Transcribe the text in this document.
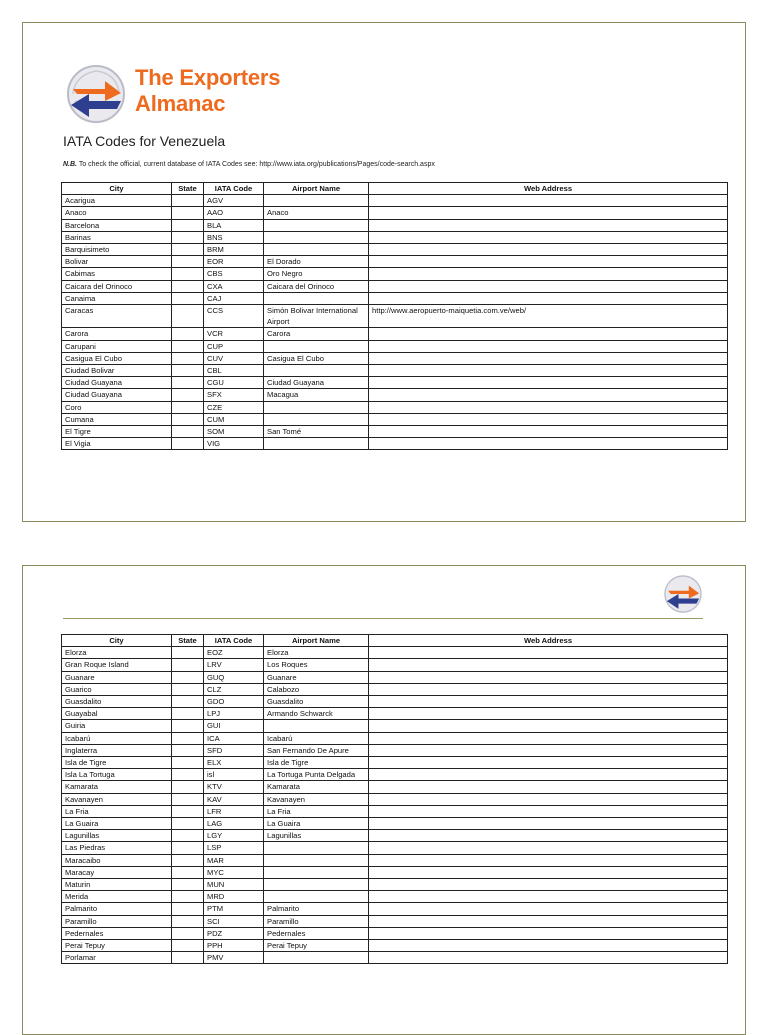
The Exporters
Almanac
IATA Codes for Venezuela
N.B. To check the official, current database of IATA Codes see: http://www.iata.org/publications/Pages/code-search.aspx
City	State	IATA Code	Airport Name	Web Address
Acarigua		AGV		
Anaco		AAO	Anaco	
Barcelona		BLA		
Barinas		BNS		
Barquisimeto		BRM		
Bolivar		EOR	El Dorado	
Cabimas		CBS	Oro Negro	
Caicara del Orinoco		CXA	Caicara del Orinoco	
Canaima		CAJ		
Caracas		CCS	Simón Bolivar International Airport	http://www.aeropuerto-maiquetia.com.ve/web/
Carora		VCR	Carora	
Carupani		CUP		
Casigua El Cubo		CUV	Casigua El Cubo	
Ciudad Bolivar		CBL		
Ciudad Guayana		CGU	Ciudad Guayana	
Ciudad Guayana		SFX	Macagua	
Coro		CZE		
Cumana		CUM		
El Tigre		SOM	San Tomé	
El Vigia		VIG		
City	State	IATA Code	Airport Name	Web Address
Elorza		EOZ	Elorza	
Gran Roque Island		LRV	Los Roques	
Guanare		GUQ	Guanare	
Guarico		CLZ	Calabozo	
Guasdalito		GDO	Guasdalito	
Guayabal		LPJ	Armando Schwarck	
Guiria		GUI		
Icabarú		ICA	Icabarú	
Inglaterra		SFD	San Fernando De Apure	
Isla de Tigre		ELX	Isla de Tigre	
Isla La Tortuga		isl	La Tortuga Punta Delgada	
Kamarata		KTV	Kamarata	
Kavanayen		KAV	Kavanayen	
La Fria		LFR	La Fria	
La Guaira		LAG	La Guaira	
Lagunillas		LGY	Lagunillas	
Las Piedras		LSP		
Maracaibo		MAR		
Maracay		MYC		
Maturin		MUN		
Merida		MRD		
Palmarito		PTM	Palmarito	
Paramillo		SCI	Paramillo	
Pedernales		PDZ	Pedernales	
Perai Tepuy		PPH	Perai Tepuy	
Porlamar		PMV		
